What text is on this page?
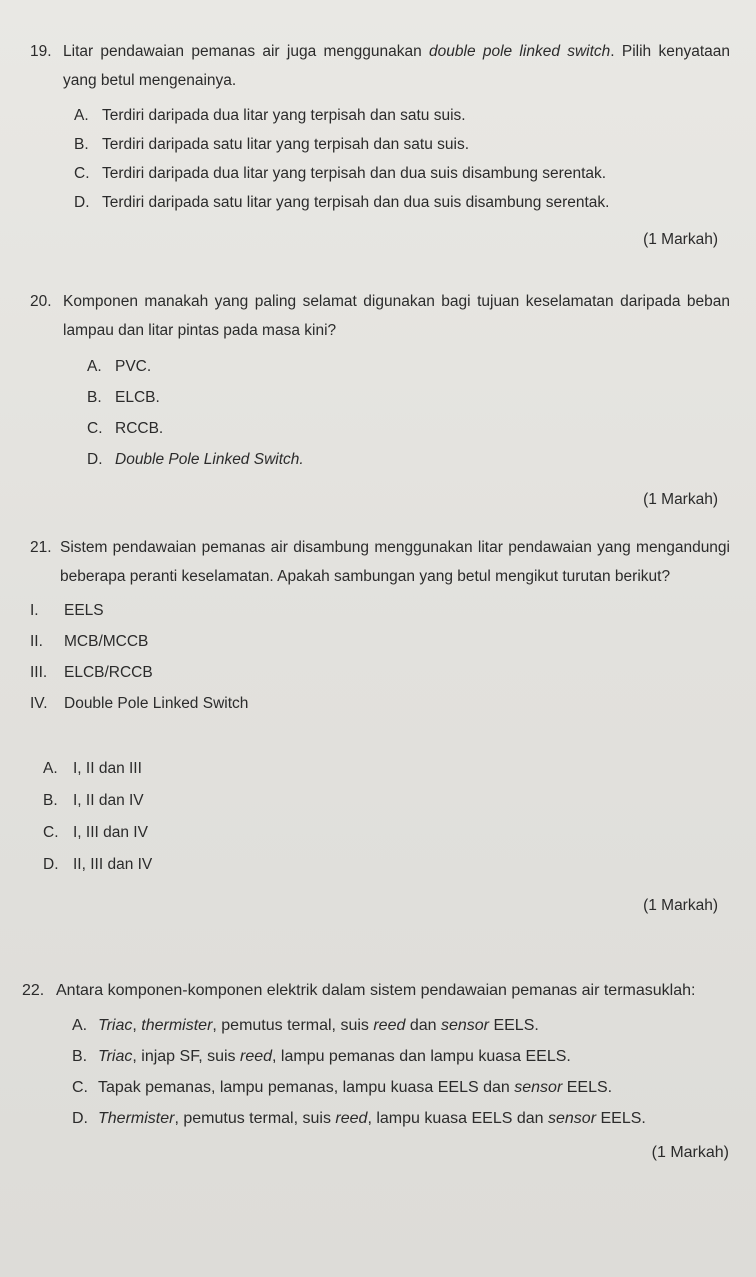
19. Litar pendawaian pemanas air juga menggunakan double pole linked switch. Pilih kenyataan yang betul mengenainya.
A. Terdiri daripada dua litar yang terpisah dan satu suis.
B. Terdiri daripada satu litar yang terpisah dan satu suis.
C. Terdiri daripada dua litar yang terpisah dan dua suis disambung serentak.
D. Terdiri daripada satu litar yang terpisah dan dua suis disambung serentak.
(1 Markah)
20. Komponen manakah yang paling selamat digunakan bagi tujuan keselamatan daripada beban lampau dan litar pintas pada masa kini?
A. PVC.
B. ELCB.
C. RCCB.
D. Double Pole Linked Switch.
(1 Markah)
21. Sistem pendawaian pemanas air disambung menggunakan litar pendawaian yang mengandungi beberapa peranti keselamatan. Apakah sambungan yang betul mengikut turutan berikut?
I.	EELS
II.	MCB/MCCB
III.	ELCB/RCCB
IV.	Double Pole Linked Switch
A. I, II dan III
B. I, II dan IV
C. I, III dan IV
D. II, III dan IV
(1 Markah)
22. Antara komponen-komponen elektrik dalam sistem pendawaian pemanas air termasuklah:
A. Triac, thermister, pemutus termal, suis reed dan sensor EELS.
B. Triac, injap SF, suis reed, lampu pemanas dan lampu kuasa EELS.
C. Tapak pemanas, lampu pemanas, lampu kuasa EELS dan sensor EELS.
D. Thermister, pemutus termal, suis reed, lampu kuasa EELS dan sensor EELS.
(1 Markah)
